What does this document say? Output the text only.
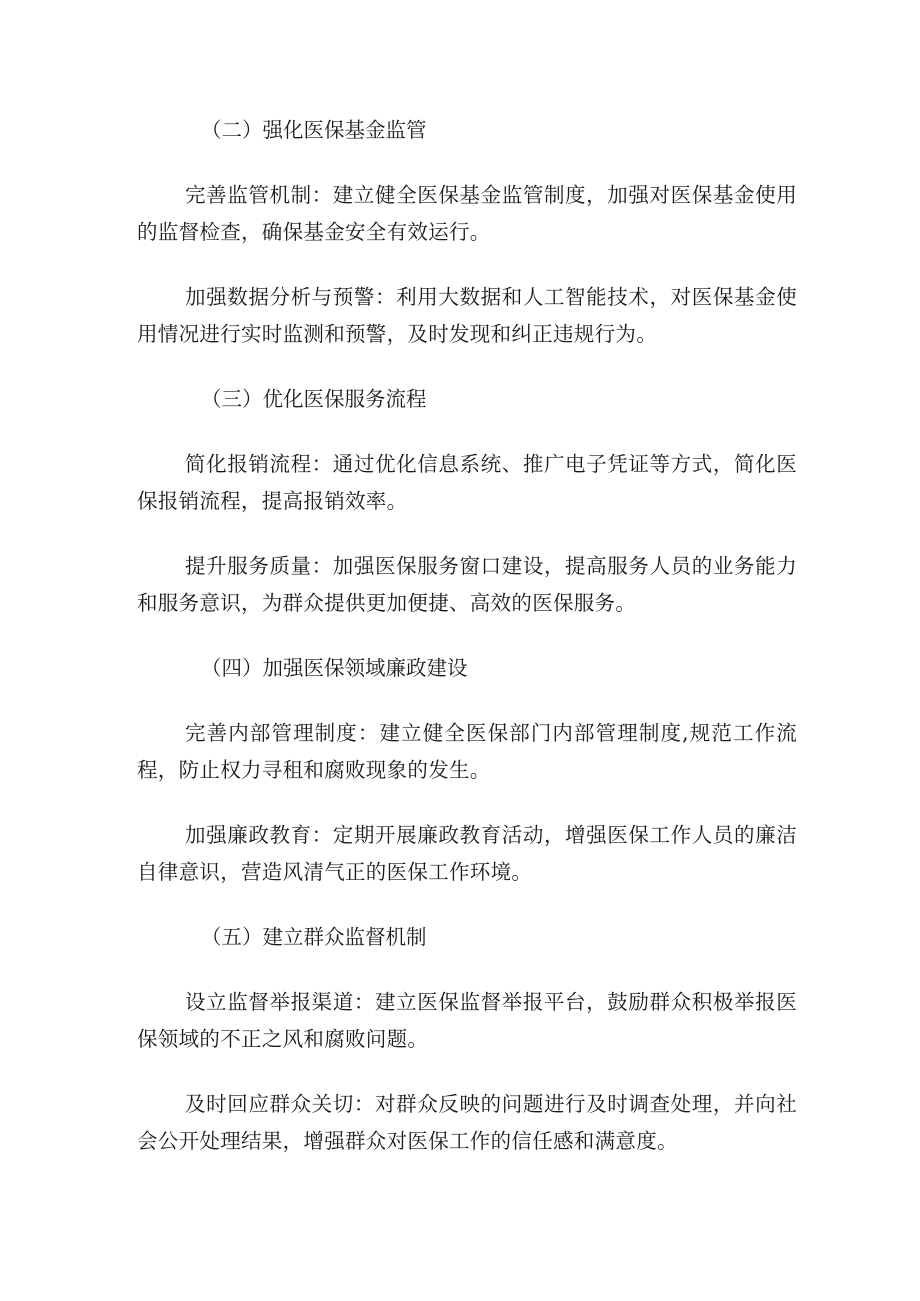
（二）强化医保基金监管

完善监管机制：建立健全医保基金监管制度，加强对医保基金使用的监督检查，确保基金安全有效运行。

加强数据分析与预警：利用大数据和人工智能技术，对医保基金使用情况进行实时监测和预警，及时发现和纠正违规行为。

（三）优化医保服务流程

简化报销流程：通过优化信息系统、推广电子凭证等方式，简化医保报销流程，提高报销效率。

提升服务质量：加强医保服务窗口建设，提高服务人员的业务能力和服务意识，为群众提供更加便捷、高效的医保服务。

（四）加强医保领域廉政建设

完善内部管理制度：建立健全医保部门内部管理制度,规范工作流程，防止权力寻租和腐败现象的发生。

加强廉政教育：定期开展廉政教育活动，增强医保工作人员的廉洁自律意识，营造风清气正的医保工作环境。

（五）建立群众监督机制

设立监督举报渠道：建立医保监督举报平台，鼓励群众积极举报医保领域的不正之风和腐败问题。

及时回应群众关切：对群众反映的问题进行及时调查处理，并向社会公开处理结果，增强群众对医保工作的信任感和满意度。
